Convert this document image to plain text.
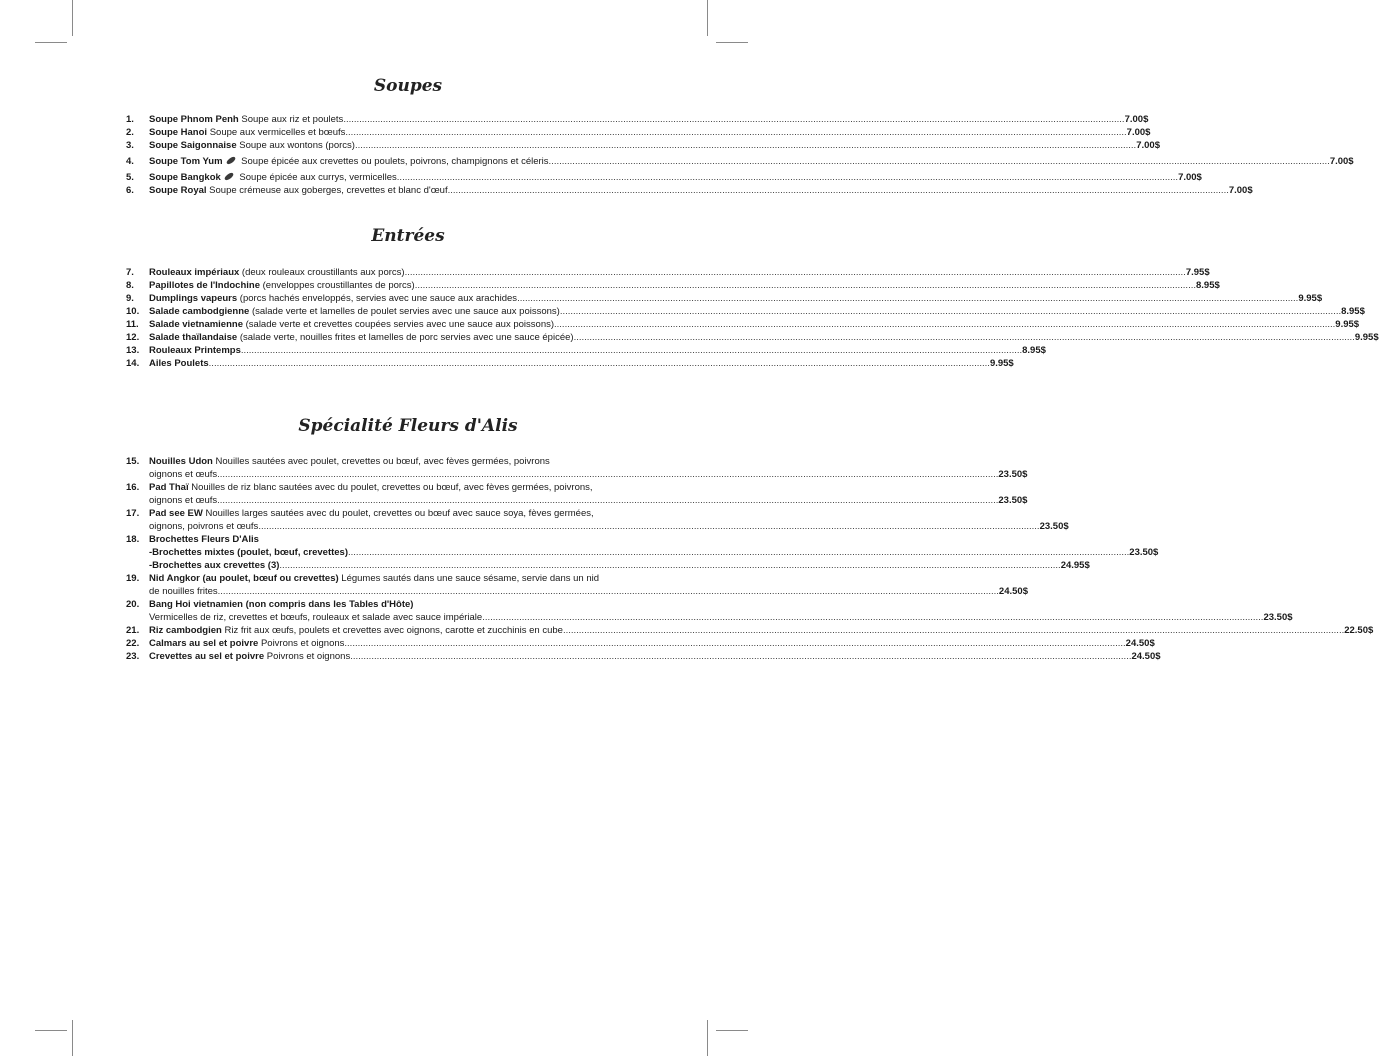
Soupes
1. Soupe Phnom Penh Soupe aux riz et poulets .....	7.00$
2. Soupe Hanoi Soupe aux vermicelles et bœufs .....	7.00$
3. Soupe Saigonnaise Soupe aux wontons (porcs) .....	7.00$
4. Soupe Tom Yum Soupe épicée aux crevettes ou poulets, poivrons, champignons et céleris .....	7.00$
5. Soupe Bangkok Soupe épicée aux currys, vermicelles .....	7.00$
6. Soupe Royal Soupe crémeuse aux goberges, crevettes et blanc d'œuf .....	7.00$
Entrées
7. Rouleaux impériaux (deux rouleaux croustillants aux porcs) .....	7.95$
8. Papillotes de l'Indochine (enveloppes croustillantes de porcs) .....	8.95$
9. Dumplings vapeurs (porcs hachés enveloppés, servies avec une sauce aux arachides .....	9.95$
10. Salade cambodgienne (salade verte et lamelles de poulet servies avec une sauce aux poissons) .....	8.95$
11. Salade vietnamienne (salade verte et crevettes coupées servies avec une sauce aux poissons) .....	9.95$
12. Salade thaïlandaise (salade verte, nouilles frites et lamelles de porc servies avec une sauce épicée) .....	9.95$
13. Rouleaux Printemps .....	8.95$
14. Ailes Poulets .....	9.95$
Spécialité Fleurs d'Alis
15. Nouilles Udon Nouilles sautées avec poulet, crevettes ou bœuf, avec fèves germées, poivrons
oignons et œufs .....	23.50$
16. Pad Thaï Nouilles de riz blanc sautées avec du poulet, crevettes ou bœuf, avec fèves germées, poivrons,
oignons et œufs .....	23.50$
17. Pad see EW Nouilles larges sautées avec du poulet, crevettes ou bœuf avec sauce soya, fèves germées,
oignons, poivrons et œufs .....	23.50$
18. Brochettes Fleurs D'Alis
-Brochettes mixtes (poulet, bœuf, crevettes) .....	23.50$
-Brochettes aux crevettes (3) .....	24.95$
19. Nid Angkor (au poulet, bœuf ou crevettes) Légumes sautés dans une sauce sésame, servie dans un nid
de nouilles frites .....	24.50$
20. Bang Hoi vietnamien (non compris dans les Tables d'Hôte)
Vermicelles de riz, crevettes et bœufs, rouleaux et salade avec sauce impériale .....	23.50$
21. Riz cambodgien Riz frit aux œufs, poulets et crevettes avec oignons, carotte et zucchinis en cube .....	22.50$
22. Calmars au sel et poivre Poivrons et oignons .....	24.50$
23. Crevettes au sel et poivre Poivrons et oignons .....	24.50$
